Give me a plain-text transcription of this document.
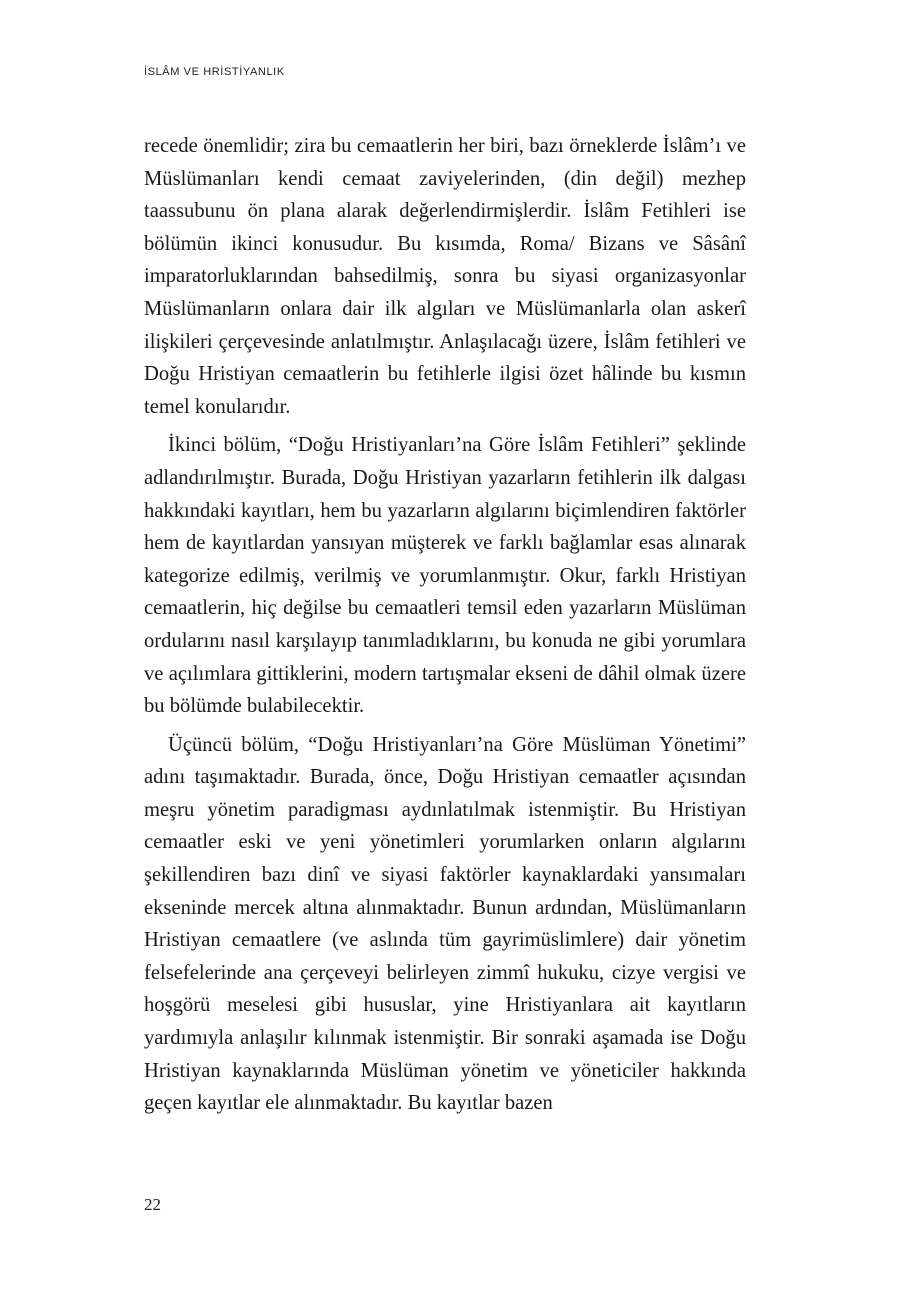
İSLÂM VE HRİSTİYANLIK

recede önemlidir; zira bu cemaatlerin her biri, bazı örneklerde İslâm’ı ve Müslümanları kendi cemaat zaviyelerinden, (din değil) mezhep taassubunu ön plana alarak değerlendirmişlerdir. İslâm Fetihleri ise bölümün ikinci konusudur. Bu kısımda, Roma/ Bizans ve Sâsânî imparatorluklarından bahsedilmiş, sonra bu siyasi organizasyonlar Müslümanların onlara dair ilk algıları ve Müslümanlarla olan askerî ilişkileri çerçevesinde anlatılmıştır. Anlaşılacağı üzere, İslâm fetihleri ve Doğu Hristiyan cemaatlerin bu fetihlerle ilgisi özet hâlinde bu kısmın temel konularıdır.

İkinci bölüm, “Doğu Hristiyanları’na Göre İslâm Fetihleri” şeklinde adlandırılmıştır. Burada, Doğu Hristiyan yazarların fetihlerin ilk dalgası hakkındaki kayıtları, hem bu yazarların algılarını biçimlendiren faktörler hem de kayıtlardan yansıyan müşterek ve farklı bağlamlar esas alınarak kategorize edilmiş, verilmiş ve yorumlanmıştır. Okur, farklı Hristiyan cemaatlerin, hiç değilse bu cemaatleri temsil eden yazarların Müslüman ordularını nasıl karşılayıp tanımladıklarını, bu konuda ne gibi yorumlara ve açılımlara gittiklerini, modern tartışmalar ekseni de dâhil olmak üzere bu bölümde bulabilecektir.

Üçüncü bölüm, “Doğu Hristiyanları’na Göre Müslüman Yönetimi” adını taşımaktadır. Burada, önce, Doğu Hristiyan cemaatler açısından meşru yönetim paradigması aydınlatılmak istenmiştir. Bu Hristiyan cemaatler eski ve yeni yönetimleri yorumlarken onların algılarını şekillendiren bazı dinî ve siyasi faktörler kaynaklardaki yansımaları ekseninde mercek altına alınmaktadır. Bunun ardından, Müslümanların Hristiyan cemaatlere (ve aslında tüm gayrimüslimlere) dair yönetim felsefelerinde ana çerçeveyi belirleyen zimmî hukuku, cizye vergisi ve hoşgörü meselesi gibi hususlar, yine Hristiyanlara ait kayıtların yardımıyla anlaşılır kılınmak istenmiştir. Bir sonraki aşamada ise Doğu Hristiyan kaynaklarında Müslüman yönetim ve yöneticiler hakkında geçen kayıtlar ele alınmaktadır. Bu kayıtlar bazen

22
